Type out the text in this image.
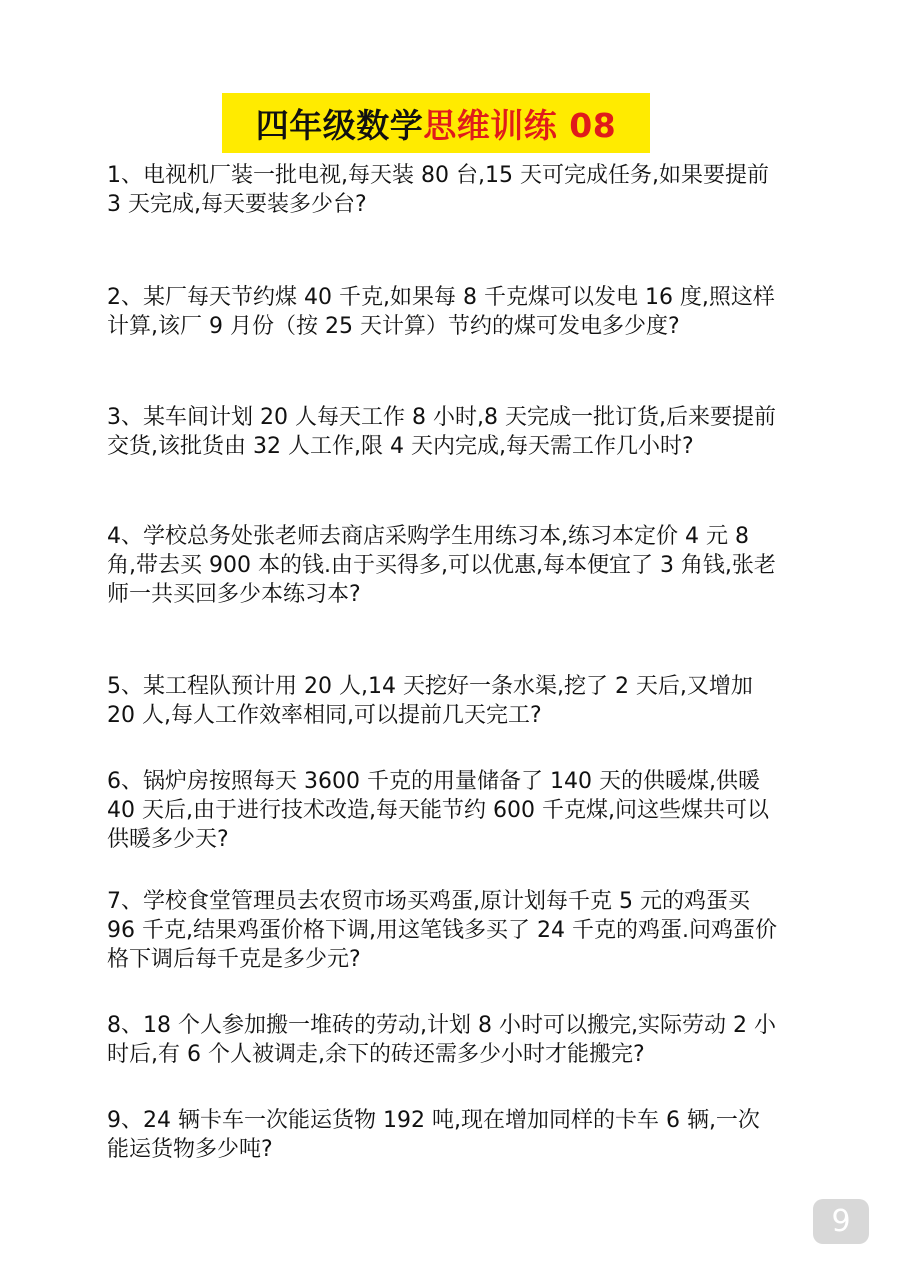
四年级数学 思维训练 08

1、电视机厂装一批电视,每天装 80 台,15 天可完成任务,如果要提前 3 天完成,每天要装多少台?

2、某厂每天节约煤 40 千克,如果每 8 千克煤可以发电 16 度,照这样计算,该厂 9 月份（按 25 天计算）节约的煤可发电多少度?

3、某车间计划 20 人每天工作 8 小时,8 天完成一批订货,后来要提前交货,该批货由 32 人工作,限 4 天内完成,每天需工作几小时?

4、学校总务处张老师去商店采购学生用练习本,练习本定价 4 元 8 角,带去买 900 本的钱.由于买得多,可以优惠,每本便宜了 3 角钱,张老师一共买回多少本练习本?

5、某工程队预计用 20 人,14 天挖好一条水渠,挖了 2 天后,又增加 20 人,每人工作效率相同,可以提前几天完工?

6、锅炉房按照每天 3600 千克的用量储备了 140 天的供暖煤,供暖 40 天后,由于进行技术改造,每天能节约 600 千克煤,问这些煤共可以供暖多少天?

7、学校食堂管理员去农贸市场买鸡蛋,原计划每千克 5 元的鸡蛋买 96 千克,结果鸡蛋价格下调,用这笔钱多买了 24 千克的鸡蛋.问鸡蛋价格下调后每千克是多少元?

8、18 个人参加搬一堆砖的劳动,计划 8 小时可以搬完,实际劳动 2 小时后,有 6 个人被调走,余下的砖还需多少小时才能搬完?

9、24 辆卡车一次能运货物 192 吨,现在增加同样的卡车 6 辆,一次能运货物多少吨?

9
